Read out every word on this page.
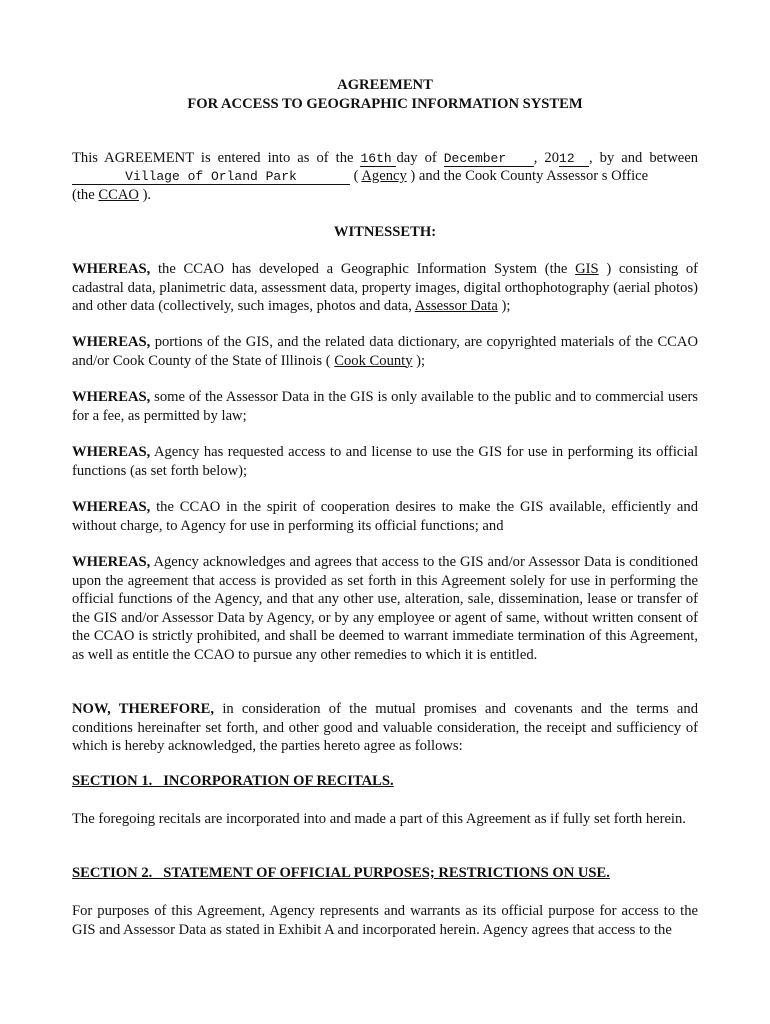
AGREEMENT
FOR ACCESS TO GEOGRAPHIC INFORMATION SYSTEM
This AGREEMENT is entered into as of the 16th day of December , 2012 , by and between
Village of Orland Park	( Agency ) and the Cook County Assessor s Office
(the CCAO ).
WITNESSETH:
WHEREAS, the CCAO has developed a Geographic Information System (the GIS ) consisting of cadastral data, planimetric data, assessment data, property images, digital orthophotography (aerial photos) and other data (collectively, such images, photos and data, Assessor Data );
WHEREAS, portions of the GIS, and the related data dictionary, are copyrighted materials of the CCAO and/or Cook County of the State of Illinois ( Cook County );
WHEREAS, some of the Assessor Data in the GIS is only available to the public and to commercial users for a fee, as permitted by law;
WHEREAS, Agency has requested access to and license to use the GIS for use in performing its official functions (as set forth below);
WHEREAS, the CCAO in the spirit of cooperation desires to make the GIS available, efficiently and without charge, to Agency for use in performing its official functions; and
WHEREAS, Agency acknowledges and agrees that access to the GIS and/or Assessor Data is conditioned upon the agreement that access is provided as set forth in this Agreement solely for use in performing the official functions of the Agency, and that any other use, alteration, sale, dissemination, lease or transfer of the GIS and/or Assessor Data by Agency, or by any employee or agent of same, without written consent of the CCAO is strictly prohibited, and shall be deemed to warrant immediate termination of this Agreement, as well as entitle the CCAO to pursue any other remedies to which it is entitled.
NOW, THEREFORE, in consideration of the mutual promises and covenants and the terms and conditions hereinafter set forth, and other good and valuable consideration, the receipt and sufficiency of which is hereby acknowledged, the parties hereto agree as follows:
SECTION 1.   INCORPORATION OF RECITALS.
The foregoing recitals are incorporated into and made a part of this Agreement as if fully set forth herein.
SECTION 2.   STATEMENT OF OFFICIAL PURPOSES; RESTRICTIONS ON USE.
For purposes of this Agreement, Agency represents and warrants as its official purpose for access to the GIS and Assessor Data as stated in Exhibit A and incorporated herein. Agency agrees that access to the
